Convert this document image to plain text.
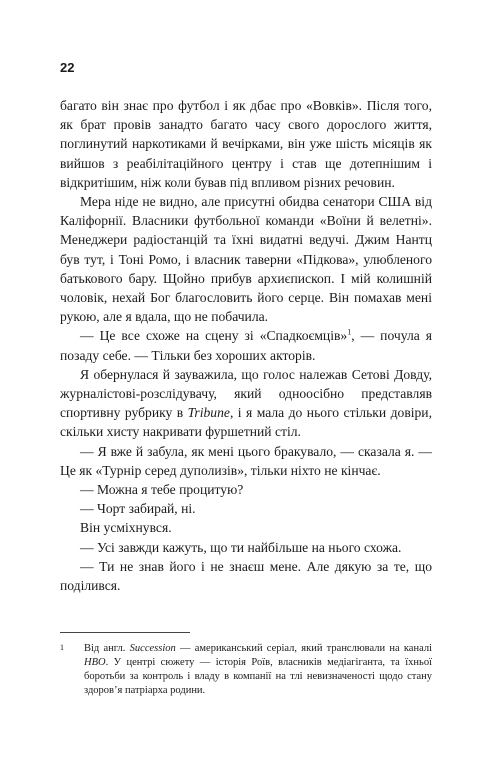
22

багато він знає про футбол і як дбає про «Вовків». Після того, як брат провів занадто багато часу свого дорослого життя, поглинутий наркотиками й вечірками, він уже шість місяців як вийшов з реабілітаційного центру і став ще дотепнішим і відкритішим, ніж коли бував під впливом різних речовин.

Мера ніде не видно, але присутні обидва сенатори США від Каліфорнії. Власники футбольної команди «Воїни й велетні». Менеджери радіостанцій та їхні видатні ведучі. Джим Нантц був тут, і Тоні Ромо, і власник таверни «Підкова», улюбленого батькового бару. Щойно прибув архиєпископ. І мій колишній чоловік, нехай Бог благословить його серце. Він помахав мені рукою, але я вдала, що не побачила.

— Це все схоже на сцену зі «Спадкоємців»$^1$, — почула я позаду себе. — Тільки без хороших акторів.

Я обернулася й зауважила, що голос належав Сетові Довду, журналістові-розслідувачу, який одноосібно представляв спортивну рубрику в Tribune, і я мала до нього стільки довіри, скільки хисту накривати фуршетний стіл.

— Я вже й забула, як мені цього бракувало, — сказала я. — Це як «Турнір серед дуполизів», тільки ніхто не кінчає.

— Можна я тебе процитую?

— Чорт забирай, ні.

Він усміхнувся.

— Усі завжди кажуть, що ти найбільше на нього схожа.

— Ти не знав його і не знаєш мене. Але дякую за те, що поділився.

1	Від англ. Succession — американський серіал, який транслювали на каналі HBO. У центрі сюжету — історія Роїв, власників медіагіганта, та їхньої боротьби за контроль і владу в компанії на тлі невизначеності щодо стану здоров’я патріарха родини.
